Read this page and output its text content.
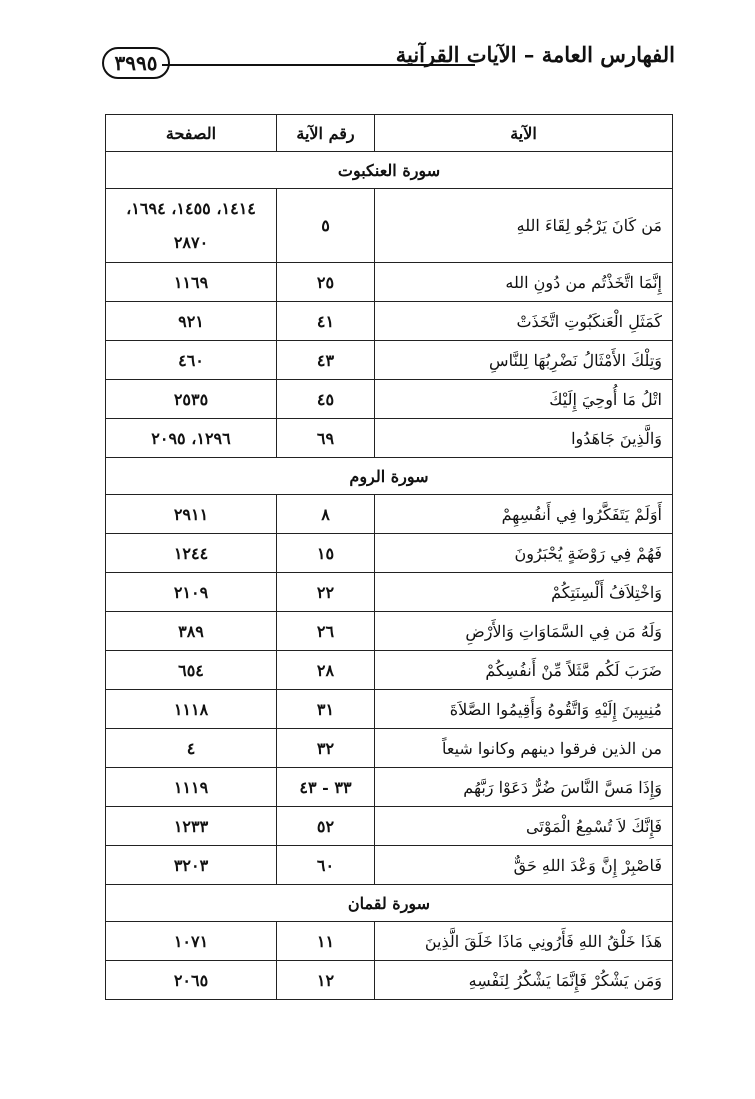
٣٩٩٥	الفهارس العامة – الآيات القرآنية
الآية	رقم الآية	الصفحة
سورة العنكبوت		
مَن كَانَ يَرْجُو لِقَاءَ اللهِ	٥	١٤١٤، ١٤٥٥، ١٦٩٤، ٢٨٧٠
إِنَّمَا اتَّخَذْتُم من دُونِ الله	٢٥	١١٦٩
كَمَثَلِ الْعَنكَبُوتِ اتَّخَذَتْ	٤١	٩٢١
وَتِلْكَ الأَمْثَالُ نَضْرِبُهَا لِلنَّاسِ	٤٣	٤٦٠
اتْلُ مَا أُوحِيَ إِلَيْكَ	٤٥	٢٥٣٥
وَالَّذِينَ جَاهَدُوا	٦٩	١٢٩٦، ٢٠٩٥
سورة الروم		
أَوَلَمْ يَتَفَكَّرُوا فِي أَنفُسِهِمْ	٨	٢٩١١
فَهُمْ فِي رَوْضَةٍ يُحْبَرُونَ	١٥	١٢٤٤
وَاخْتِلاَفُ أَلْسِنَتِكُمْ	٢٢	٢١٠٩
وَلَهُ مَن فِي السَّمَاوَاتِ وَالأَرْضِ	٢٦	٣٨٩
ضَرَبَ لَكُم مَّثَلاً مِّنْ أَنفُسِكُمْ	٢٨	٦٥٤
مُنِيبِينَ إِلَيْهِ وَاتَّقُوهُ وَأَقِيمُوا الصَّلاَةَ	٣١	١١١٨
من الذين فرقوا دينهم وكانوا شيعاً	٣٢	٤
وَإِذَا مَسَّ النَّاسَ ضُرٌّ دَعَوْا رَبَّهُم	٣٣ - ٤٣	١١١٩
فَإِنَّكَ لاَ تُسْمِعُ الْمَوْتَى	٥٢	١٢٣٣
فَاصْبِرْ إِنَّ وَعْدَ اللهِ حَقٌّ	٦٠	٣٢٠٣
سورة لقمان		
هَذَا خَلْقُ اللهِ فَأَرُونِي مَاذَا خَلَقَ الَّذِينَ	١١	١٠٧١
وَمَن يَشْكُرْ فَإِنَّمَا يَشْكُرُ لِنَفْسِهِ	١٢	٢٠٦٥
